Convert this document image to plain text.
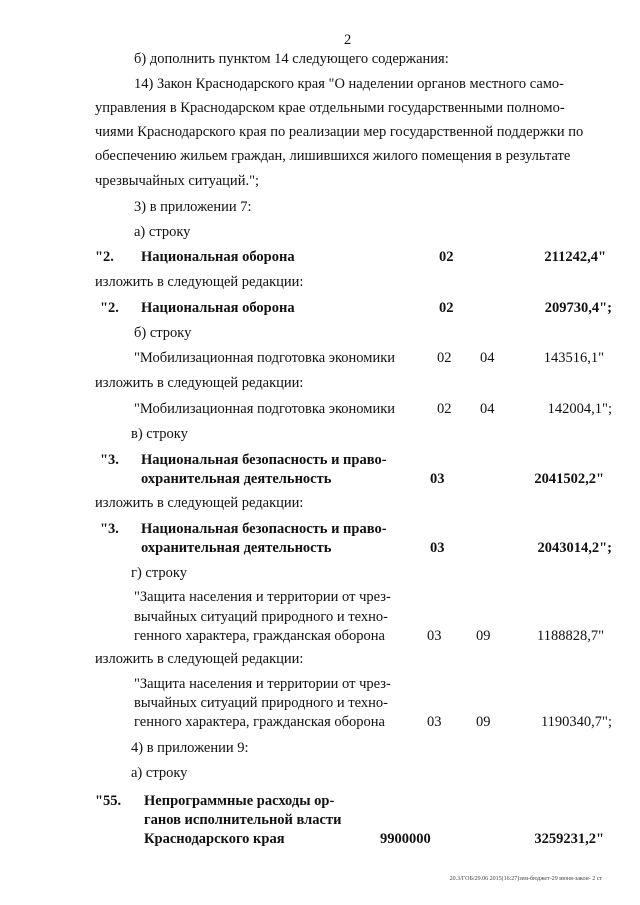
2
б) дополнить пунктом 14 следующего содержания:
14) Закон Краснодарского края "О наделении органов местного само-
управления в Краснодарском крае отдельными государственными полномо-
чиями Краснодарского края по реализации мер государственной поддержки по
обеспечению жильем граждан, лишившихся жилого помещения в результате
чрезвычайных ситуаций.";
3) в приложении 7:
а) строку
"2. Национальная оборона	02	211242,4"
изложить в следующей редакции:
"2. Национальная оборона	02	209730,4";
б) строку
"Мобилизационная подготовка экономики	02 04	143516,1"
изложить в следующей редакции:
"Мобилизационная подготовка экономики	02 04	142004,1";
в) строку
"3. Национальная безопасность и право-
охранительная деятельность	03	2041502,2"
изложить в следующей редакции:
"3. Национальная безопасность и право-
охранительная деятельность	03	2043014,2";
г) строку
"Защита населения и территории от чрез-
вычайных ситуаций природного и техно-
генного характера, гражданская оборона	03 09	1188828,7"
изложить в следующей редакции:
"Защита населения и территории от чрез-
вычайных ситуаций природного и техно-
генного характера, гражданская оборона	03 09	1190340,7";
4) в приложении 9:
а) строку
"55. Непрограммные расходы ор-
ганов исполнительной власти
Краснодарского края	9900000	3259231,2"
20.3/ГОБ/29.06 2015(16:27)зем-бюджет-29 июня-закон- 2 ст
